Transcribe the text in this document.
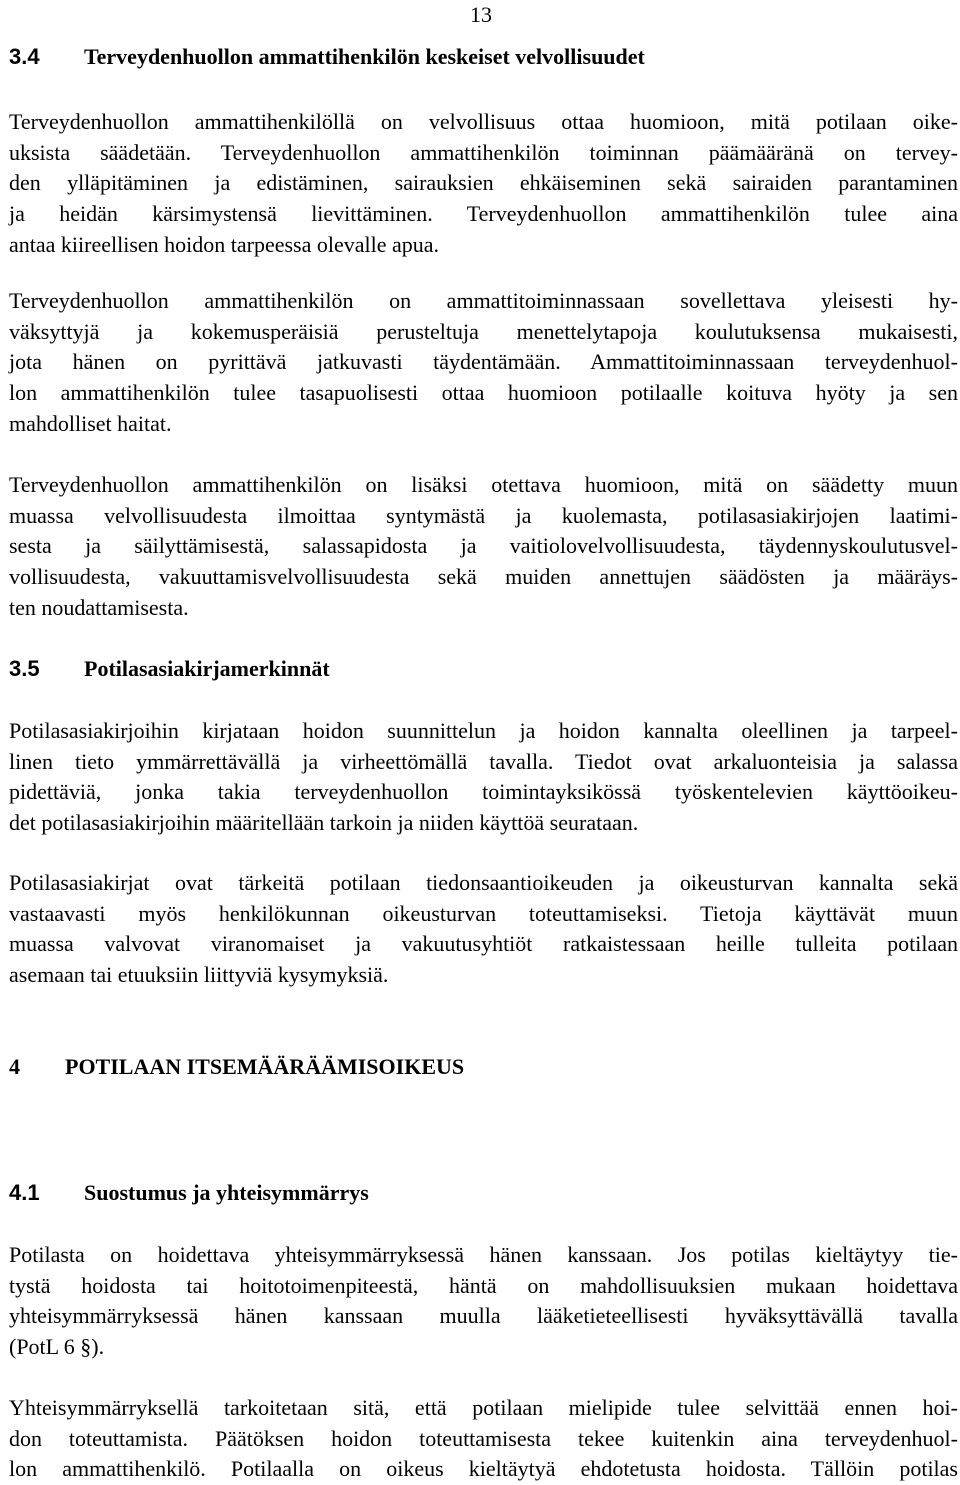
13
3.4 Terveydenhuollon ammattihenkilön keskeiset velvollisuudet
Terveydenhuollon ammattihenkilöllä on velvollisuus ottaa huomioon, mitä potilaan oike-
uksista säädetään. Terveydenhuollon ammattihenkilön toiminnan päämääränä on tervey-
den ylläpitäminen ja edistäminen, sairauksien ehkäiseminen sekä sairaiden parantaminen
ja heidän kärsimystensä lievittäminen. Terveydenhuollon ammattihenkilön tulee aina
antaa kiireellisen hoidon tarpeessa olevalle apua.
Terveydenhuollon ammattihenkilön on ammattitoiminnassaan sovellettava yleisesti hy-
väksyttyjä ja kokemusperäisiä perusteltuja menettelytapoja koulutuksensa mukaisesti,
jota hänen on pyrittävä jatkuvasti täydentämään. Ammattitoiminnassaan terveydenhuol-
lon ammattihenkilön tulee tasapuolisesti ottaa huomioon potilaalle koituva hyöty ja sen
mahdolliset haitat.
Terveydenhuollon ammattihenkilön on lisäksi otettava huomioon, mitä on säädetty muun
muassa velvollisuudesta ilmoittaa syntymästä ja kuolemasta, potilasasiakirjojen laatimi-
sesta ja säilyttämisestä, salassapidosta ja vaitiolovelvollisuudesta, täydennyskoulutusvel-
vollisuudesta, vakuuttamisvelvollisuudesta sekä muiden annettujen säädösten ja määräys-
ten noudattamisesta.
3.5 Potilasasiakirjamerkinnät
Potilasasiakirjoihin kirjataan hoidon suunnittelun ja hoidon kannalta oleellinen ja tarpeel-
linen tieto ymmärrettävällä ja virheettömällä tavalla. Tiedot ovat arkaluonteisia ja salassa
pidettäviä, jonka takia terveydenhuollon toimintayksikössä työskentelevien käyttöoikeu-
det potilasasiakirjoihin määritellään tarkoin ja niiden käyttöä seurataan.
Potilasasiakirjat ovat tärkeitä potilaan tiedonsaantioikeuden ja oikeusturvan kannalta sekä
vastaavasti myös henkilökunnan oikeusturvan toteuttamiseksi. Tietoja käyttävät muun
muassa valvovat viranomaiset ja vakuutusyhtiöt ratkaistessaan heille tulleita potilaan
asemaan tai etuuksiin liittyviä kysymyksiä.
4 POTILAAN ITSEMÄÄRÄÄMISOIKEUS
4.1 Suostumus ja yhteisymmärrys
Potilasta on hoidettava yhteisymmärryksessä hänen kanssaan. Jos potilas kieltäytyy tie-
tystä hoidosta tai hoitotoimenpiteestä, häntä on mahdollisuuksien mukaan hoidettava
yhteisymmärryksessä hänen kanssaan muulla lääketieteellisesti hyväksyttävällä tavalla
(PotL 6 §).
Yhteisymmärryksellä tarkoitetaan sitä, että potilaan mielipide tulee selvittää ennen hoi-
don toteuttamista. Päätöksen hoidon toteuttamisesta tekee kuitenkin aina terveydenhuol-
lon ammattihenkilö. Potilaalla on oikeus kieltäytyä ehdotetusta hoidosta. Tällöin potilas
